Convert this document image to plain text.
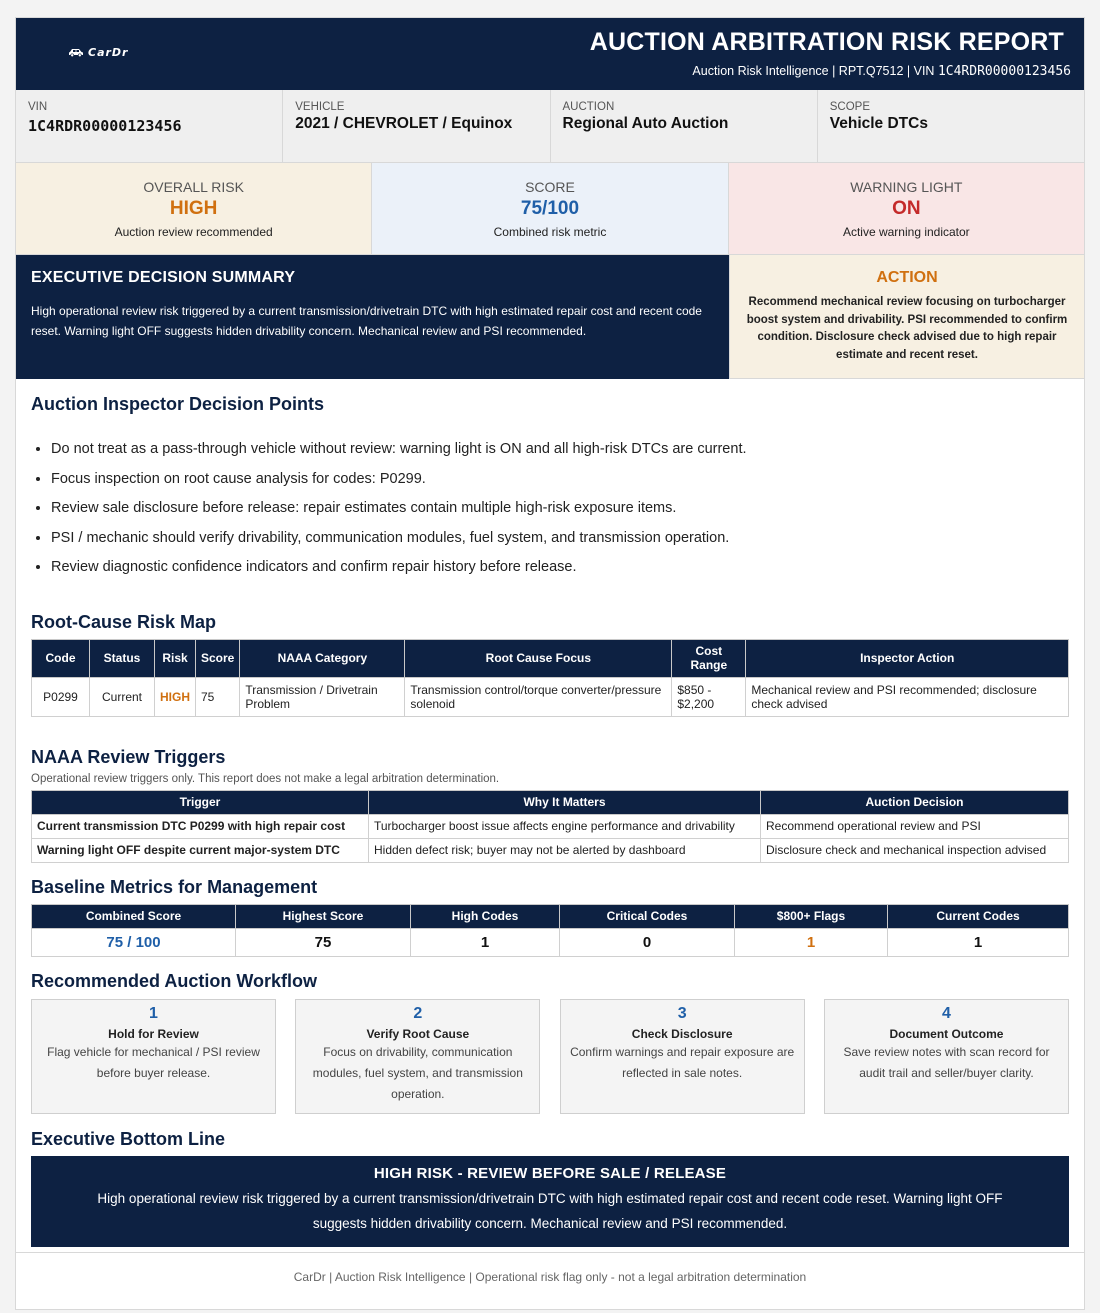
CarDr	AUCTION ARBITRATION RISK REPORT
Auction Risk Intelligence | RPT.Q7512 | VIN 1C4RDR00000123456
VIN
1C4RDR00000123456
VEHICLE
2021 / CHEVROLET / Equinox
AUCTION
Regional Auto Auction
SCOPE
Vehicle DTCs
OVERALL RISK
HIGH
Auction review recommended
SCORE
75/100
Combined risk metric
WARNING LIGHT
ON
Active warning indicator
EXECUTIVE DECISION SUMMARY

High operational review risk triggered by a current transmission/drivetrain DTC with high estimated repair cost and recent code reset. Warning light OFF suggests hidden drivability concern. Mechanical review and PSI recommended.

ACTION

Recommend mechanical review focusing on turbocharger boost system and drivability. PSI recommended to confirm condition. Disclosure check advised due to high repair estimate and recent reset.

Auction Inspector Decision Points
• Do not treat as a pass-through vehicle without review: warning light is ON and all high-risk DTCs are current.
• Focus inspection on root cause analysis for codes: P0299.
• Review sale disclosure before release: repair estimates contain multiple high-risk exposure items.
• PSI / mechanic should verify drivability, communication modules, fuel system, and transmission operation.
• Review diagnostic confidence indicators and confirm repair history before release.
Root-Cause Risk Map
Code	Status	Risk	Score	NAAA Category	Root Cause Focus	Cost Range	Inspector Action
P0299	Current	HIGH	75	Transmission / Drivetrain Problem	Transmission control/torque converter/pressure solenoid	$850 - $2,200	Mechanical review and PSI recommended; disclosure check advised
NAAA Review Triggers
Operational review triggers only. This report does not make a legal arbitration determination.
Trigger	Why It Matters	Auction Decision
Current transmission DTC P0299 with high repair cost	Turbocharger boost issue affects engine performance and drivability	Recommend operational review and PSI
Warning light OFF despite current major-system DTC	Hidden defect risk; buyer may not be alerted by dashboard	Disclosure check and mechanical inspection advised
Baseline Metrics for Management
Combined Score	Highest Score	High Codes	Critical Codes	$800+ Flags	Current Codes
75 / 100	75	1	0	1	1
Recommended Auction Workflow
1
Hold for Review
Flag vehicle for mechanical / PSI review before buyer release.
2
Verify Root Cause
Focus on drivability, communication modules, fuel system, and transmission operation.
3
Check Disclosure
Confirm warnings and repair exposure are reflected in sale notes.
4
Document Outcome
Save review notes with scan record for audit trail and seller/buyer clarity.
Executive Bottom Line
HIGH RISK - REVIEW BEFORE SALE / RELEASE

High operational review risk triggered by a current transmission/drivetrain DTC with high estimated repair cost and recent code reset. Warning light OFF suggests hidden drivability concern. Mechanical review and PSI recommended.

CarDr | Auction Risk Intelligence | Operational risk flag only - not a legal arbitration determination
